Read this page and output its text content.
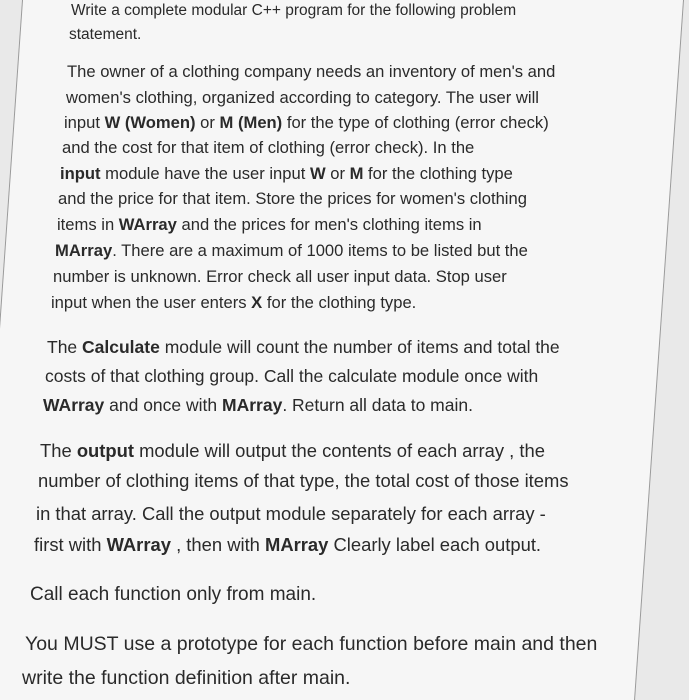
Write a complete modular C++ program for the following problem

statement.

The owner of a clothing company needs an inventory of men's and

women's clothing, organized according to category. The user will

input W (Women) or M (Men) for the type of clothing (error check)

and the cost for that item of clothing (error check). In the

input module have the user input W or M for the clothing type

and the price for that item. Store the prices for women's clothing

items in WArray and the prices for men's clothing items in

MArray. There are a maximum of 1000 items to be listed but the

number is unknown. Error check all user input data. Stop user

input when the user enters X for the clothing type.

The Calculate module will count the number of items and total the

costs of that clothing group. Call the calculate module once with

WArray and once with MArray. Return all data to main.

The output module will output the contents of each array , the

number of clothing items of that type, the total cost of those items

in that array. Call the output module separately for each array -

first with WArray , then with MArray Clearly label each output.

Call each function only from main.

You MUST use a prototype for each function before main and then

write the function definition after main.
